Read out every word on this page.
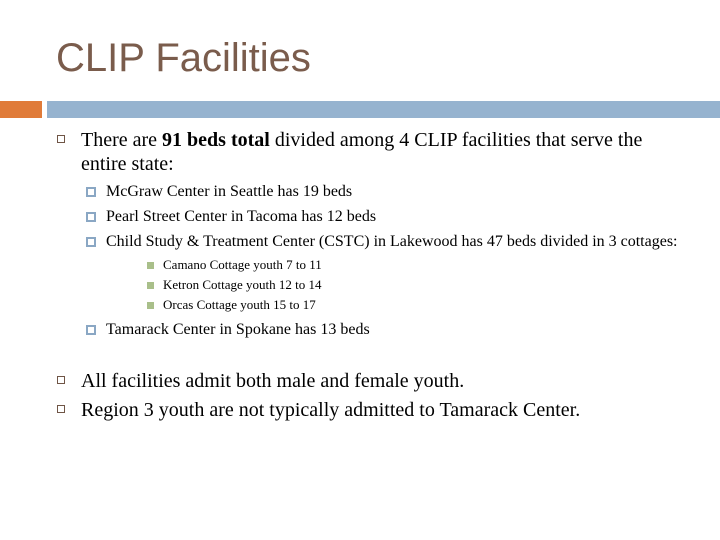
CLIP Facilities
There are 91 beds total divided among 4 CLIP facilities that serve the entire state:
McGraw Center in Seattle has 19 beds
Pearl Street Center in Tacoma has 12 beds
Child Study & Treatment Center (CSTC) in Lakewood has 47 beds divided in 3 cottages:
Camano Cottage youth 7 to 11
Ketron Cottage youth 12 to 14
Orcas Cottage youth 15 to 17
Tamarack Center in Spokane has 13 beds
All facilities admit both male and female youth.
Region 3 youth are not typically admitted to Tamarack Center.
